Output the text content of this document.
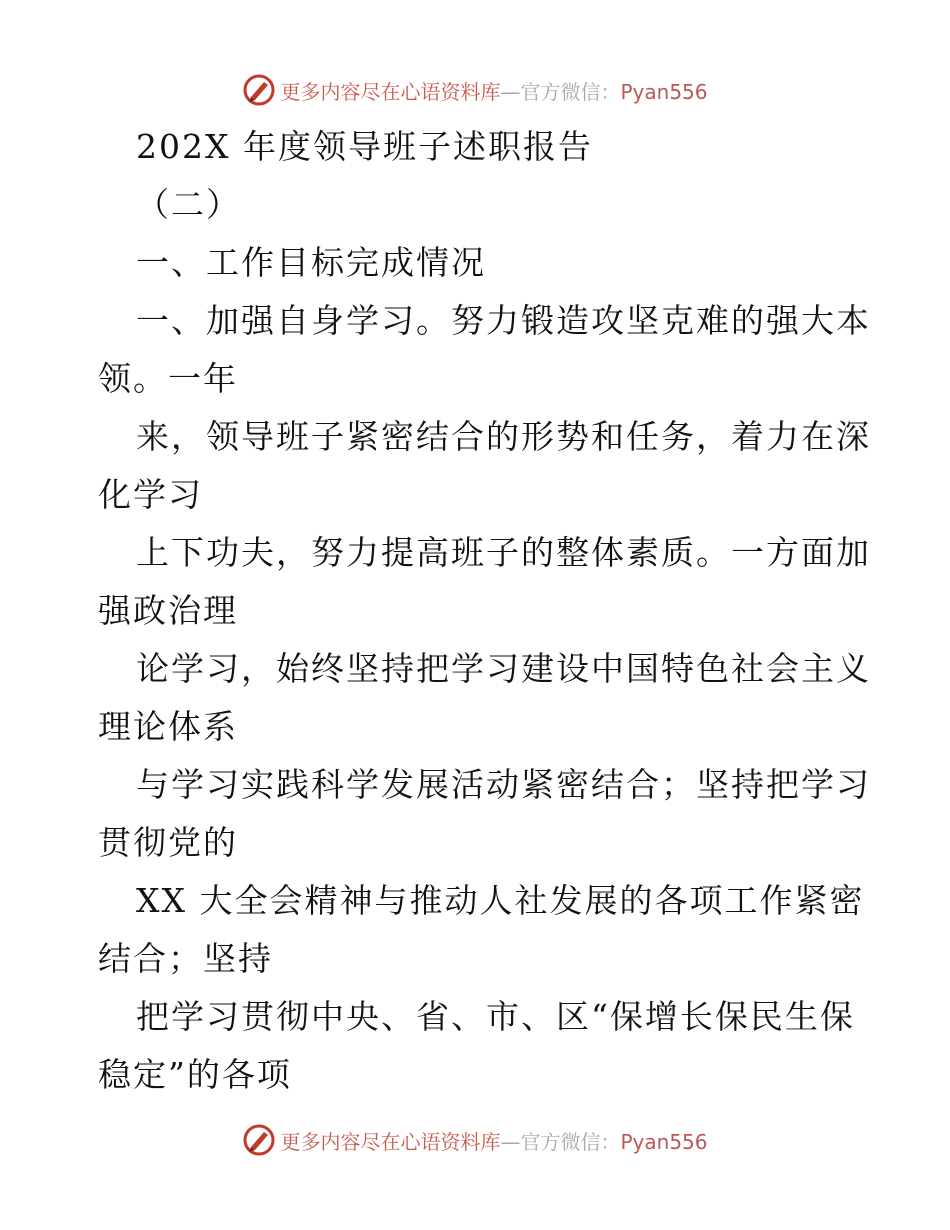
更多内容尽在心语资料库—官方微信：Pyan556
202X 年度领导班子述职报告
（二）
一、工作目标完成情况
一、加强自身学习。努力锻造攻坚克难的强大本
领。一年
来，领导班子紧密结合的形势和任务，着力在深
化学习
上下功夫，努力提高班子的整体素质。一方面加
强政治理
论学习，始终坚持把学习建设中国特色社会主义
理论体系
与学习实践科学发展活动紧密结合；坚持把学习
贯彻党的
XX 大全会精神与推动人社发展的各项工作紧密
结合；坚持
把学习贯彻中央、省、市、区“保增长保民生保
稳定”的各项
更多内容尽在心语资料库—官方微信：Pyan556
